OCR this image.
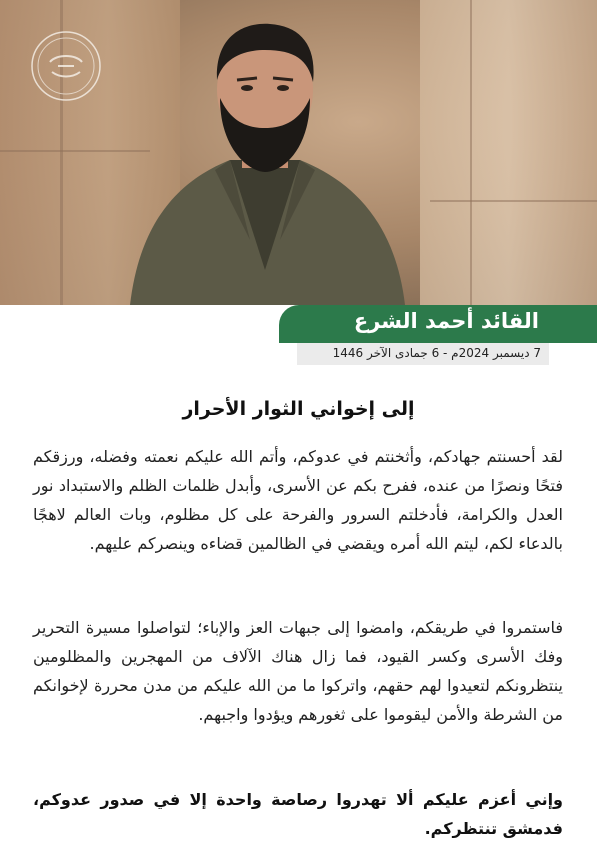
القائد أحمد الشرع
7 ديسمبر 2024م - 6 جمادى الآخر 1446
إلى إخواني الثوار الأحرار
لقد أحسنتم جهادكم، وأثخنتم في عدوكم، وأتم الله عليكم نعمته وفضله، ورزقكم فتحًا ونصرًا من عنده، ففرح بكم عن الأسرى، وأبدل ظلمات الظلم والاستبداد نور العدل والكرامة، فأدخلتم السرور والفرحة على كل مظلوم، وبات العالم لاهجًا بالدعاء لكم، ليتم الله أمره ويقضي في الظالمين قضاءه وينصركم عليهم.
فاستمروا في طريقكم، وامضوا إلى جبهات العز والإباء؛ لتواصلوا مسيرة التحرير وفك الأسرى وكسر القيود، فما زال هناك الآلاف من المهجرين والمظلومين ينتظرونكم لتعيدوا لهم حقهم، واتركوا ما من الله عليكم من مدن محررة لإخوانكم من الشرطة والأمن ليقوموا على ثغورهم ويؤدوا واجبهم.
وإني أعزم عليكم ألا تهدروا رصاصة واحدة إلا في صدور عدوكم، فدمشق تنتظركم.
